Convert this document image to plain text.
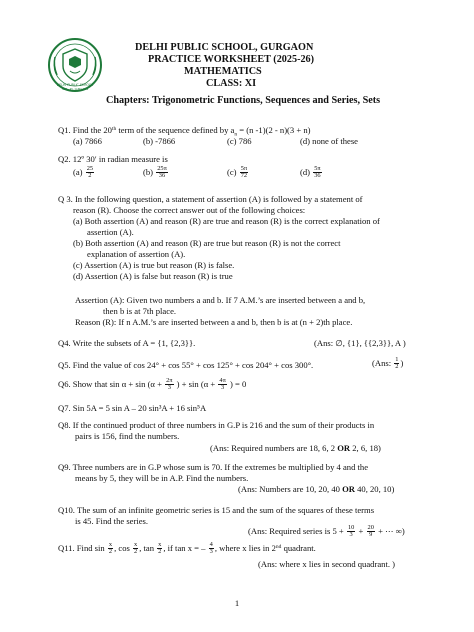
DELHI PUBLIC SCHOOL
SEC - 45, GURGAON
DELHI PUBLIC SCHOOL, GURGAON
PRACTICE WORKSHEET (2025-26)
MATHEMATICS
CLASS: XI
Chapters: Trigonometric Functions, Sequences and Series, Sets
Q1. Find the 20th term of the sequence defined by $a_n = (n$ -1)(2 - n)(3 + n)
(a) 7866	(b) -7866	(c) 786	(d) none of these
Q2. 12º 30′ in radian measure is
$(a) \frac{25}{2}$	$(b) \frac{25\pi}{36}$	$(c) \frac{5\pi}{72}$	$(d) \frac{5\pi}{36}$
Q 3. In the following question, a statement of assertion (A) is followed by a statement of
reason (R). Choose the correct answer out of the following choices:
(a) Both assertion (A) and reason (R) are true and reason (R) is the correct explanation of
assertion (A).
(b) Both assertion (A) and reason (R) are true but reason (R) is not the correct
explanation of assertion (A).
(c) Assertion (A) is true but reason (R) is false.
(d) Assertion (A) is false but reason (R) is true
Assertion (A): Given two numbers a and b. If 7 A.M.’s are inserted between a and b,
then b is at 7th place.
Reason (R): If n A.M.’s are inserted between a and b, then b is at (n + 2)th place.
Q4. Write the subsets of A = {1, {2,3}}.	(Ans: ∅, {1}, {{2,3}}, A )
Q5. Find the value of cos 24° + cos 55° + cos 125° + cos 204° + cos 300°.	(Ans: $\frac{1}{2}$ )
Q6. Show that $\sin \alpha + \sin (\alpha + \frac{2\pi}{3}$ ) + $\sin (\alpha + \frac{4\pi}{3}$ ) = 0
Q7. Sin 5A = 5 sin A – 20 sin³A + 16 sin⁵A
Q8. If the continued product of three numbers in G.P is 216 and the sum of their products in
pairs is 156, find the numbers.
(Ans: Required numbers are 18, 6, 2 OR 2, 6, 18)
Q9. Three numbers are in G.P whose sum is 70. If the extremes be multiplied by 4 and the
means by 5, they will be in A.P. Find the numbers.
(Ans: Numbers are 10, 20, 40 OR 40, 20, 10)
Q10. The sum of an infinite geometric series is 15 and the sum of the squares of these terms
is 45. Find the series.
(Ans: Required series is $5 + \frac{10}{3} + \frac{20}{9}$ + ⋯ ∞)
Q11. Find $\sin \frac{x}{2}$ , $\cos \frac{x}{2}$ , $\tan \frac{x}{2}$ , if tan x = – $\frac{4}{3}$ , where x lies in 2nd quadrant.
(Ans: where x lies in second quadrant. )
1
